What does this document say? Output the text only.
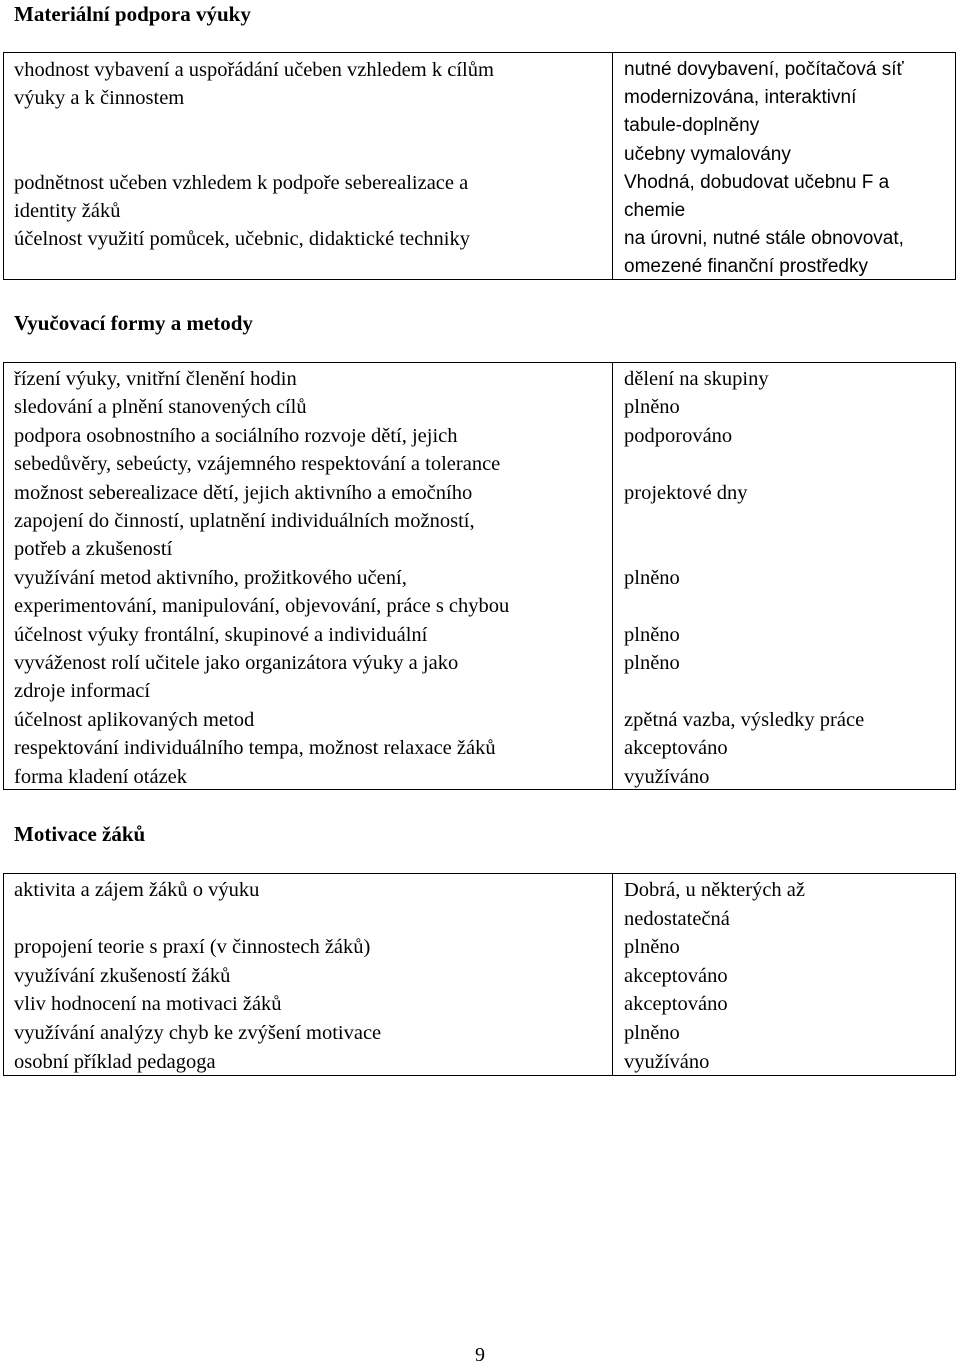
Materiální podpora výuky
vhodnost vybavení a uspořádání učeben vzhledem k cílům
výuky a k činnostem
podnětnost učeben vzhledem k podpoře seberealizace a
identity žáků
účelnost využití pomůcek, učebnic, didaktické techniky
nutné dovybavení, počítačová síť
modernizována, interaktivní
tabule-doplněny
učebny vymalovány
Vhodná, dobudovat učebnu F a
chemie
na úrovni, nutné stále obnovovat,
omezené finanční prostředky
Vyučovací formy a metody
řízení výuky, vnitřní členění hodin
sledování a plnění stanovených cílů
podpora osobnostního a sociálního rozvoje dětí, jejich
sebedůvěry, sebeúcty, vzájemného respektování a tolerance
možnost seberealizace dětí, jejich aktivního a emočního
zapojení do činností, uplatnění individuálních možností,
potřeb a zkušeností
využívání metod aktivního, prožitkového učení,
experimentování, manipulování, objevování, práce s chybou
účelnost výuky frontální, skupinové a individuální
vyváženost rolí učitele jako organizátora výuky a jako
zdroje informací
účelnost aplikovaných metod
respektování individuálního tempa, možnost relaxace žáků
forma kladení otázek
dělení na skupiny
plněno
podporováno
projektové dny
plněno
plněno
plněno
zpětná vazba, výsledky práce
akceptováno
využíváno
Motivace žáků
aktivita a zájem žáků o výuku
propojení teorie s praxí (v činnostech žáků)
využívání zkušeností žáků
vliv hodnocení na motivaci žáků
využívání analýzy chyb ke zvýšení motivace
osobní příklad pedagoga
Dobrá, u některých až
nedostatečná
plněno
akceptováno
akceptováno
plněno
využíváno
9
